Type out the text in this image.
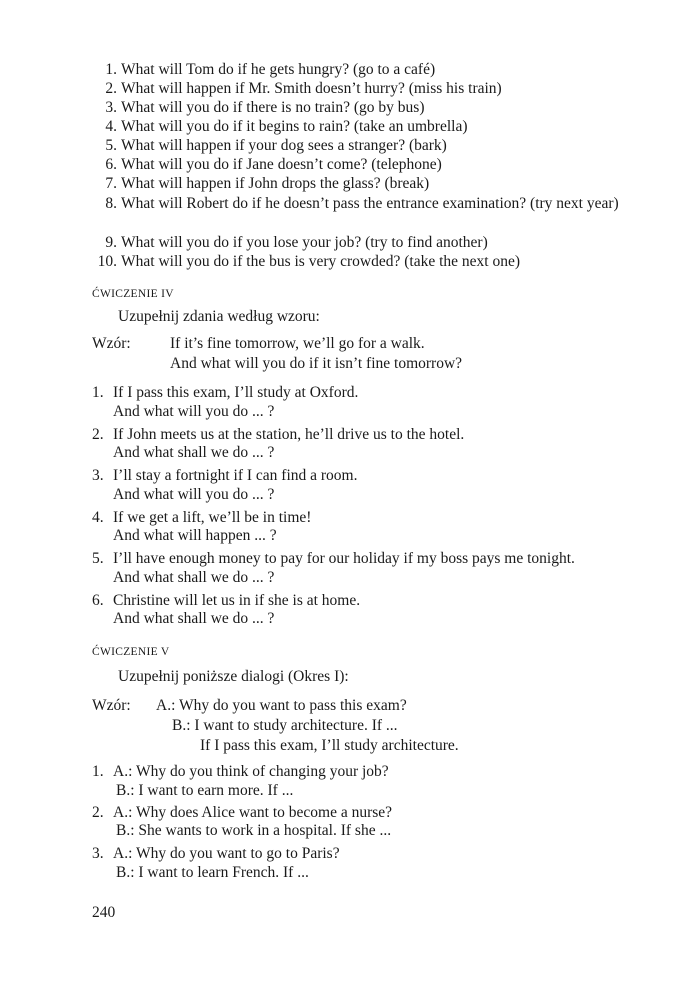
1. What will Tom do if he gets hungry? (go to a café)
2. What will happen if Mr. Smith doesn’t hurry? (miss his train)
3. What will you do if there is no train? (go by bus)
4. What will you do if it begins to rain? (take an umbrella)
5. What will happen if your dog sees a stranger? (bark)
6. What will you do if Jane doesn’t come? (telephone)
7. What will happen if John drops the glass? (break)
8. What will Robert do if he doesn’t pass the entrance examination? (try next year)
9. What will you do if you lose your job? (try to find another)
10. What will you do if the bus is very crowded? (take the next one)
ĆWICZENIE IV
Uzupełnij zdania według wzoru:
Wzór:	If it’s fine tomorrow, we’ll go for a walk.
And what will you do if it isn’t fine tomorrow?
1. If I pass this exam, I’ll study at Oxford.
And what will you do ... ?
2. If John meets us at the station, he’ll drive us to the hotel.
And what shall we do ... ?
3. I’ll stay a fortnight if I can find a room.
And what will you do ... ?
4. If we get a lift, we’ll be in time!
And what will happen ... ?
5. I’ll have enough money to pay for our holiday if my boss pays me tonight.
And what shall we do ... ?
6. Christine will let us in if she is at home.
And what shall we do ... ?
ĆWICZENIE V
Uzupełnij poniższe dialogi (Okres I):
Wzór: A.: Why do you want to pass this exam?
B.: I want to study architecture. If ...
If I pass this exam, I’ll study architecture.
1. A.: Why do you think of changing your job?
B.: I want to earn more. If ...
2. A.: Why does Alice want to become a nurse?
B.: She wants to work in a hospital. If she ...
3. A.: Why do you want to go to Paris?
B.: I want to learn French. If ...
240
